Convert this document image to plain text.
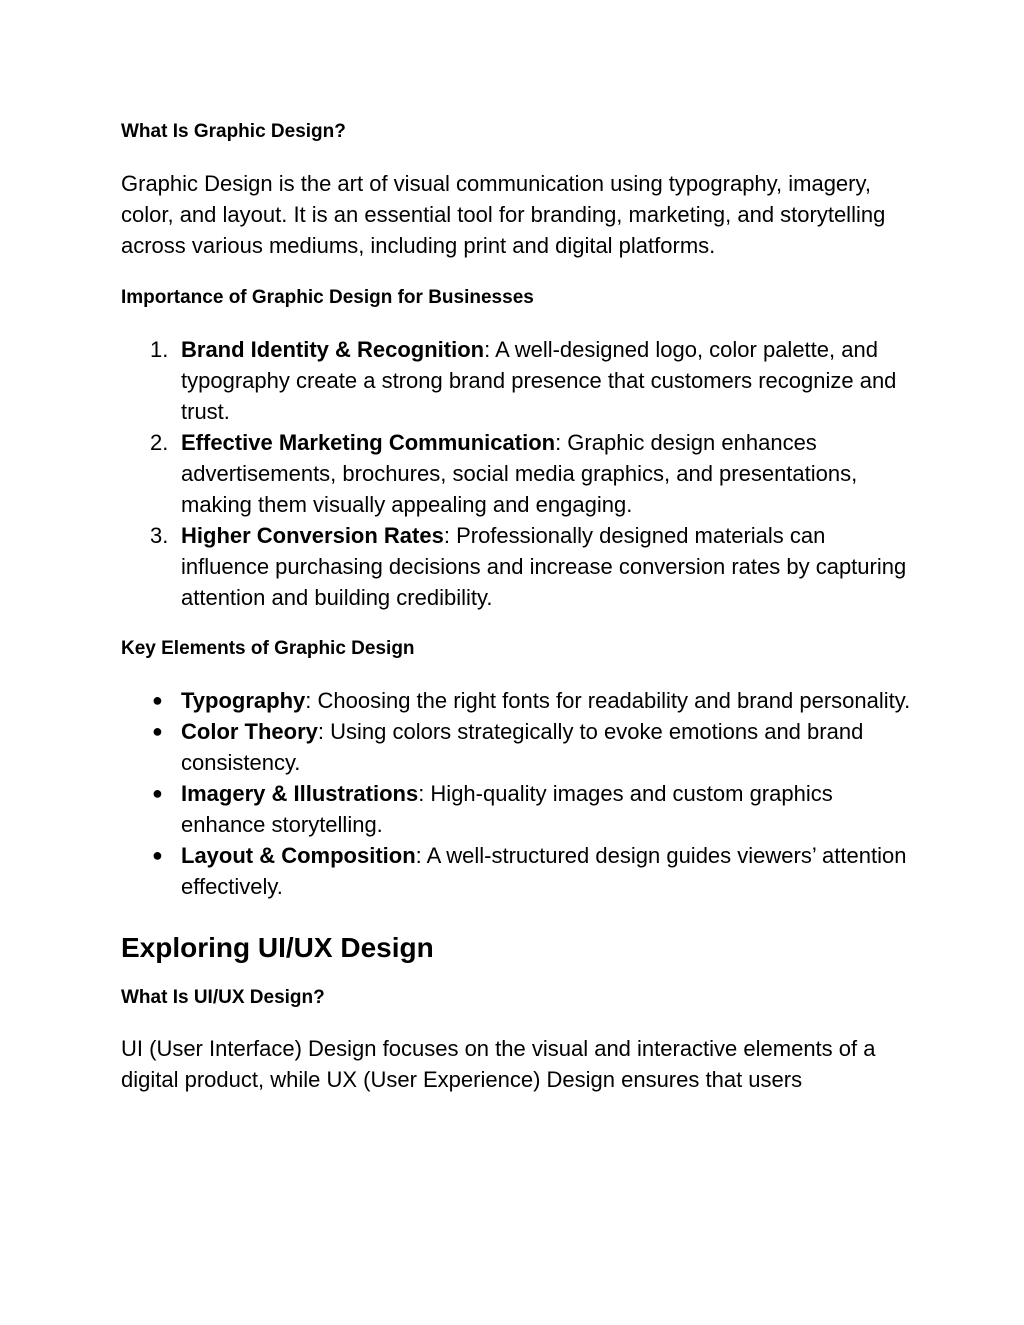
What Is Graphic Design?

Graphic Design is the art of visual communication using typography, imagery, color, and layout. It is an essential tool for branding, marketing, and storytelling across various mediums, including print and digital platforms.

Importance of Graphic Design for Businesses
1. Brand Identity & Recognition: A well-designed logo, color palette, and typography create a strong brand presence that customers recognize and trust.
2. Effective Marketing Communication: Graphic design enhances advertisements, brochures, social media graphics, and presentations, making them visually appealing and engaging.
3. Higher Conversion Rates: Professionally designed materials can influence purchasing decisions and increase conversion rates by capturing attention and building credibility.
Key Elements of Graphic Design
● Typography: Choosing the right fonts for readability and brand personality.
● Color Theory: Using colors strategically to evoke emotions and brand consistency.
● Imagery & Illustrations: High-quality images and custom graphics enhance storytelling.
● Layout & Composition: A well-structured design guides viewers’ attention effectively.
Exploring UI/UX Design
What Is UI/UX Design?

UI (User Interface) Design focuses on the visual and interactive elements of a digital product, while UX (User Experience) Design ensures that users
